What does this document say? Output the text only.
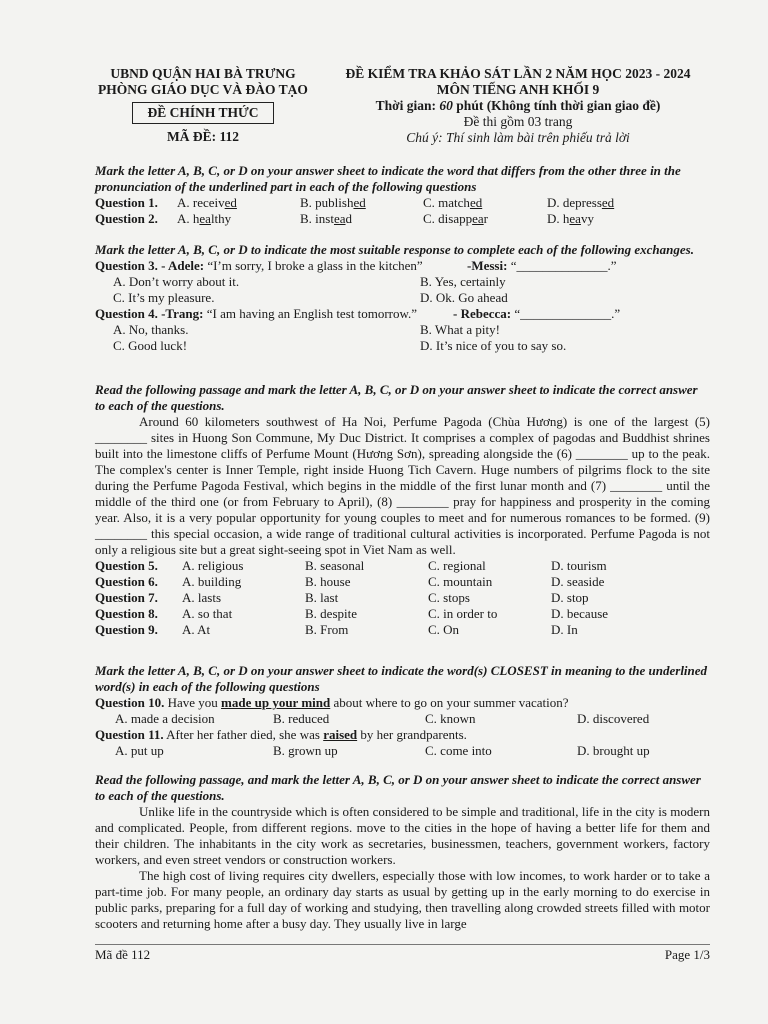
UBND QUẬN HAI BÀ TRƯNG
PHÒNG GIÁO DỤC VÀ ĐÀO TẠO
ĐỀ CHÍNH THỨC
MÃ ĐỀ: 112
ĐỀ KIỂM TRA KHẢO SÁT LẦN 2 NĂM HỌC 2023 - 2024
MÔN TIẾNG ANH KHỐI 9
Thời gian: 60 phút (Không tính thời gian giao đề)
Đề thi gồm 03 trang
Chú ý: Thí sinh làm bài trên phiếu trả lời
Mark the letter A, B, C, or D on your answer sheet to indicate the word that differs from the other three in the pronunciation of the underlined part in each of the following questions
Question 1. A. received	B. published	C. matched	D. depressed
Question 2. A. healthy	B. instead	C. disappear	D. heavy
Mark the letter A, B, C, or D to indicate the most suitable response to complete each of the following exchanges.
Question 3. - Adele: “I’m sorry, I broke a glass in the kitchen”	-Messi: “______________.”
A. Don’t worry about it.	B. Yes, certainly
C. It’s my pleasure.	D. Ok. Go ahead
Question 4. -Trang: “I am having an English test tomorrow.”	- Rebecca: “______________.”
A. No, thanks.	B. What a pity!
C. Good luck!	D. It’s nice of you to say so.
Read the following passage and mark the letter A, B, C, or D on your answer sheet to indicate the correct answer to each of the questions.
Around 60 kilometers southwest of Ha Noi, Perfume Pagoda (Chùa Hương) is one of the largest (5) ________ sites in Huong Son Commune, My Duc District. It comprises a complex of pagodas and Buddhist shrines built into the limestone cliffs of Perfume Mount (Hương Sơn), spreading alongside the (6) ________ up to the peak. The complex's center is Inner Temple, right inside Huong Tich Cavern. Huge numbers of pilgrims flock to the site during the Perfume Pagoda Festival, which begins in the middle of the first lunar month and (7) ________ until the middle of the third one (or from February to April), (8) ________ pray for happiness and prosperity in the coming year. Also, it is a very popular opportunity for young couples to meet and for numerous romances to be formed. (9) ________ this special occasion, a wide range of traditional cultural activities is incorporated. Perfume Pagoda is not only a religious site but a great sight-seeing spot in Viet Nam as well.
Question 5. A. religious	B. seasonal	C. regional	D. tourism
Question 6. A. building	B. house	C. mountain	D. seaside
Question 7. A. lasts	B. last	C. stops	D. stop
Question 8. A. so that	B. despite	C. in order to	D. because
Question 9. A. At	B. From	C. On	D. In
Mark the letter A, B, C, or D on your answer sheet to indicate the word(s) CLOSEST in meaning to the underlined word(s) in each of the following questions
Question 10. Have you made up your mind about where to go on your summer vacation?
A. made a decision	B. reduced	C. known	D. discovered
Question 11. After her father died, she was raised by her grandparents.
A. put up	B. grown up	C. come into	D. brought up
Read the following passage, and mark the letter A, B, C, or D on your answer sheet to indicate the correct answer to each of the questions.
Unlike life in the countryside which is often considered to be simple and traditional, life in the city is modern and complicated. People, from different regions. move to the cities in the hope of having a better life for them and their children. The inhabitants in the city work as secretaries, businessmen, teachers, government workers, factory workers, and even street vendors or construction workers.
The high cost of living requires city dwellers, especially those with low incomes, to work harder or to take a part-time job. For many people, an ordinary day starts as usual by getting up in the early morning to do exercise in public parks, preparing for a full day of working and studying, then travelling along crowded streets filled with motor scooters and returning home after a busy day. They usually live in large
Mã đề 112	Page 1/3
